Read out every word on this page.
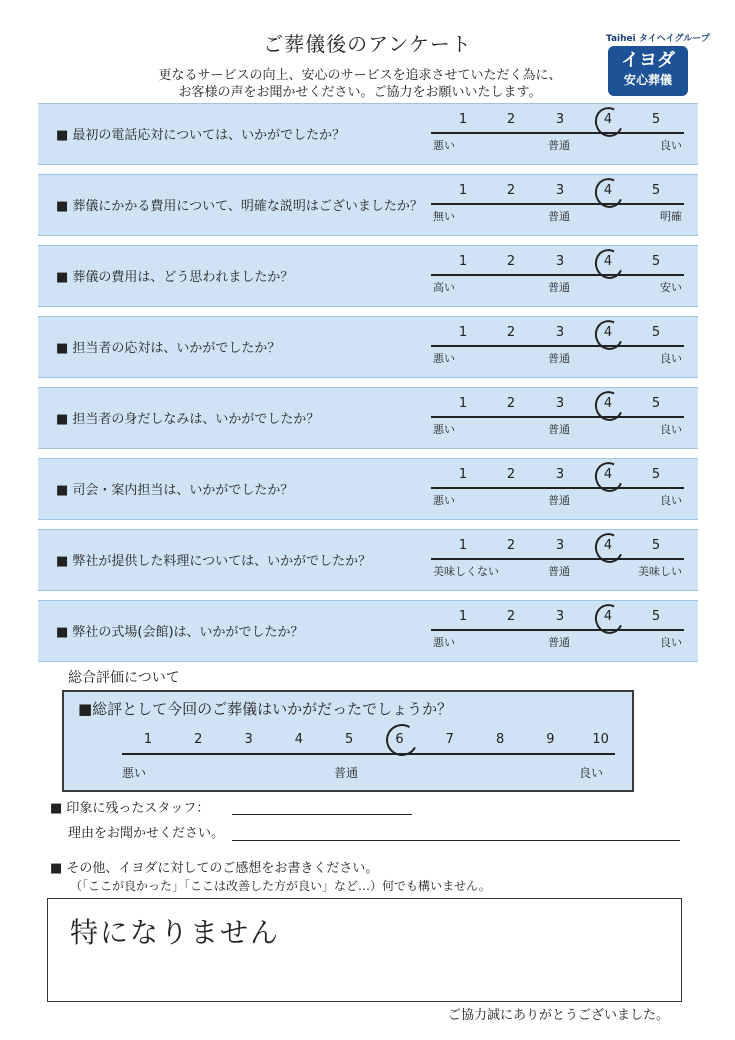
ご葬儀後のアンケート
更なるサービスの向上、安心のサービスを追求させていただく為に、
お客様の声をお聞かせください。ご協力をお願いいたします。
Taihei タイヘイグループ
イヨダ
安心葬儀
■ 最初の電話応対については、いかがでしたか？
1	2	3	4	5
悪い	普通	良い
■ 葬儀にかかる費用について、明確な説明はございましたか？
1	2	3	4	5
無い	普通	明確
■ 葬儀の費用は、どう思われましたか？
1	2	3	4	5
高い	普通	安い
■ 担当者の応対は、いかがでしたか？
1	2	3	4	5
悪い	普通	良い
■ 担当者の身だしなみは、いかがでしたか？
1	2	3	4	5
悪い	普通	良い
■ 司会・案内担当は、いかがでしたか？
1	2	3	4	5
悪い	普通	良い
■ 弊社が提供した料理については、いかがでしたか？
1	2	3	4	5
美味しくない	普通	美味しい
■ 弊社の式場(会館)は、いかがでしたか？
1	2	3	4	5
悪い	普通	良い
総合評価について
■総評として今回のご葬儀はいかがだったでしょうか？
悪い	普通	良い
1	2	3	4	5	6	7	8	9	10
■ 印象に残ったスタッフ：
理由をお聞かせください。
■ その他、イヨダに対してのご感想をお書きください。
（「ここが良かった」「ここは改善した方が良い」など…）何でも構いません。
特になりません
ご協力誠にありがとうございました。
